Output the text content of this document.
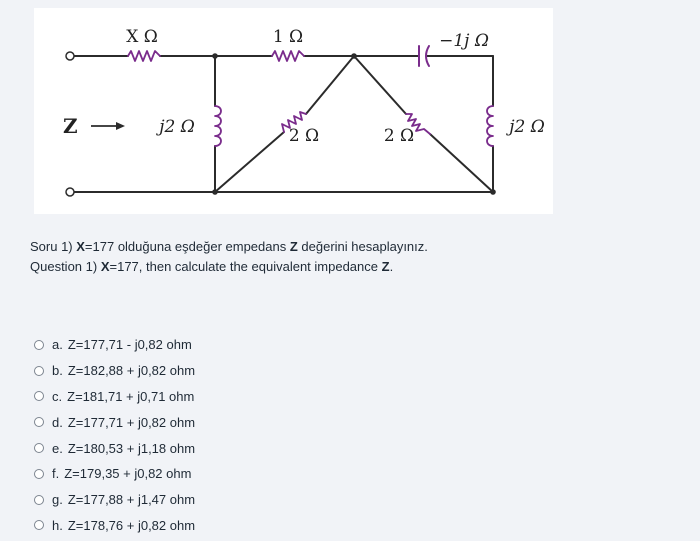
X Ω	1 Ω	−1j Ω
Z	j2 Ω	2 Ω	2 Ω	j2 Ω
Soru 1) X=177 olduğuna eşdeğer empedans Z değerini hesaplayınız.
Question 1) X=177, then calculate the equivalent impedance Z.
a. Z=177,71 - j0,82 ohm
b. Z=182,88 + j0,82 ohm
c. Z=181,71 + j0,71 ohm
d. Z=177,71 + j0,82 ohm
e. Z=180,53 + j1,18 ohm
f. Z=179,35 + j0,82 ohm
g. Z=177,88 + j1,47 ohm
h. Z=178,76 + j0,82 ohm
